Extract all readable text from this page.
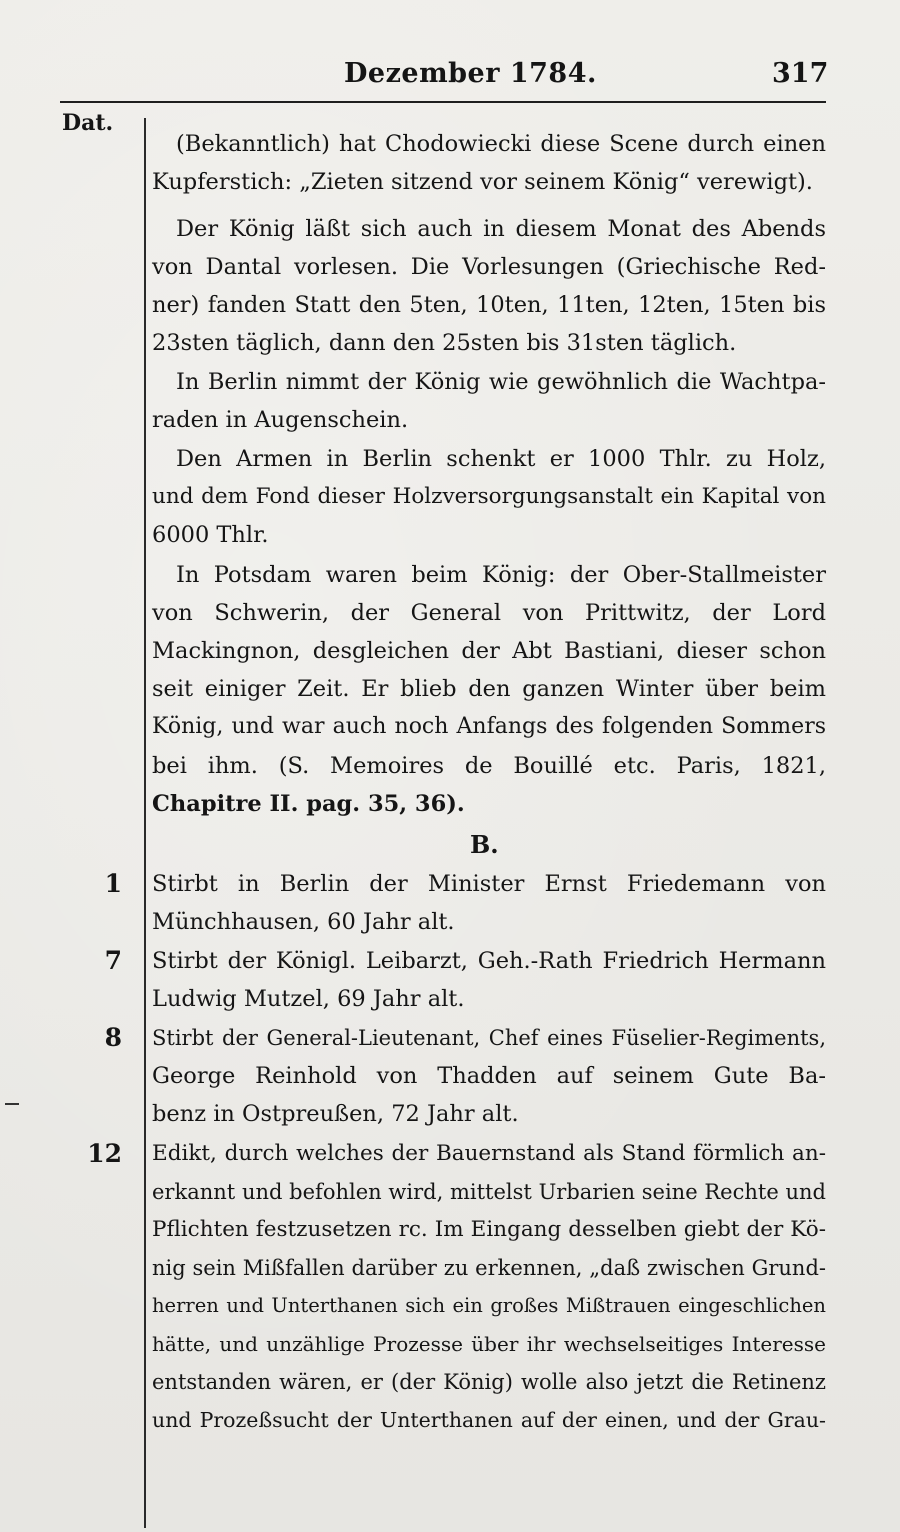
Dezember 1784.	317
Dat.
(Bekanntlich) hat Chodowiecki diese Scene durch einen
Kupferstich: „Zieten sitzend vor seinem König“ verewigt).
Der König läßt sich auch in diesem Monat des Abends
von Dantal vorlesen. Die Vorlesungen (Griechische Red-
ner) fanden Statt den 5ten, 10ten, 11ten, 12ten, 15ten bis
23sten täglich, dann den 25sten bis 31sten täglich.
In Berlin nimmt der König wie gewöhnlich die Wachtpa-
raden in Augenschein.
Den Armen in Berlin schenkt er 1000 Thlr. zu Holz,
und dem Fond dieser Holzversorgungsanstalt ein Kapital von
6000 Thlr.
In Potsdam waren beim König: der Ober-Stallmeister
von Schwerin, der General von Prittwitz, der Lord
Mackingnon, desgleichen der Abt Bastiani, dieser schon
seit einiger Zeit. Er blieb den ganzen Winter über beim
König, und war auch noch Anfangs des folgenden Sommers
bei ihm. (S. Memoires de Bouillé etc. Paris, 1821,
Chapitre II. pag. 35, 36).
B.
1 Stirbt in Berlin der Minister Ernst Friedemann von
Münchhausen, 60 Jahr alt.
7 Stirbt der Königl. Leibarzt, Geh.-Rath Friedrich Hermann
Ludwig Mutzel, 69 Jahr alt.
8 Stirbt der General-Lieutenant, Chef eines Füselier-Regiments,
George Reinhold von Thadden auf seinem Gute Ba-
benz in Ostpreußen, 72 Jahr alt.
12 Edikt, durch welches der Bauernstand als Stand förmlich an-
erkannt und befohlen wird, mittelst Urbarien seine Rechte und
Pflichten festzusetzen rc. Im Eingang desselben giebt der Kö-
nig sein Mißfallen darüber zu erkennen, „daß zwischen Grund-
herren und Unterthanen sich ein großes Mißtrauen eingeschlichen
hätte, und unzählige Prozesse über ihr wechselseitiges Interesse
entstanden wären, er (der König) wolle also jetzt die Retinenz
und Prozeßsucht der Unterthanen auf der einen, und der Grau-
